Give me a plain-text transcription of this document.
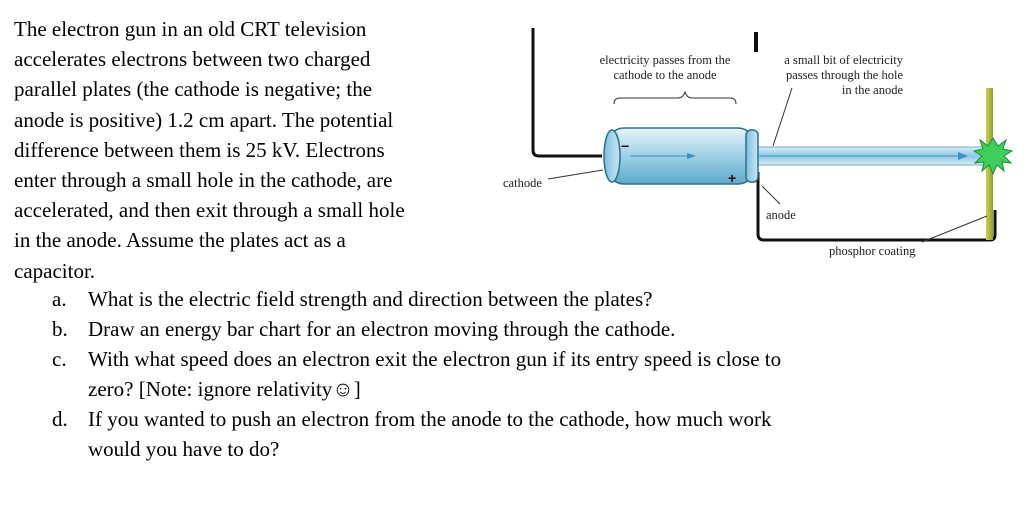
The electron gun in an old CRT television
accelerates electrons between two charged
parallel plates (the cathode is negative; the
anode is positive) 1.2 cm apart. The potential
difference between them is 25 kV. Electrons
enter through a small hole in the cathode, are
accelerated, and then exit through a small hole
in the anode. Assume the plates act as a
capacitor.
a. What is the electric field strength and direction between the plates?
b. Draw an energy bar chart for an electron moving through the cathode.
c. With what speed does an electron exit the electron gun if its entry speed is close to
zero? [Note: ignore relativity☺]
d. If you wanted to push an electron from the anode to the cathode, how much work
would you have to do?
−
+
electricity passes from the
cathode to the anode
a small bit of electricity
passes through the hole
in the anode
cathode
anode
phosphor coating
